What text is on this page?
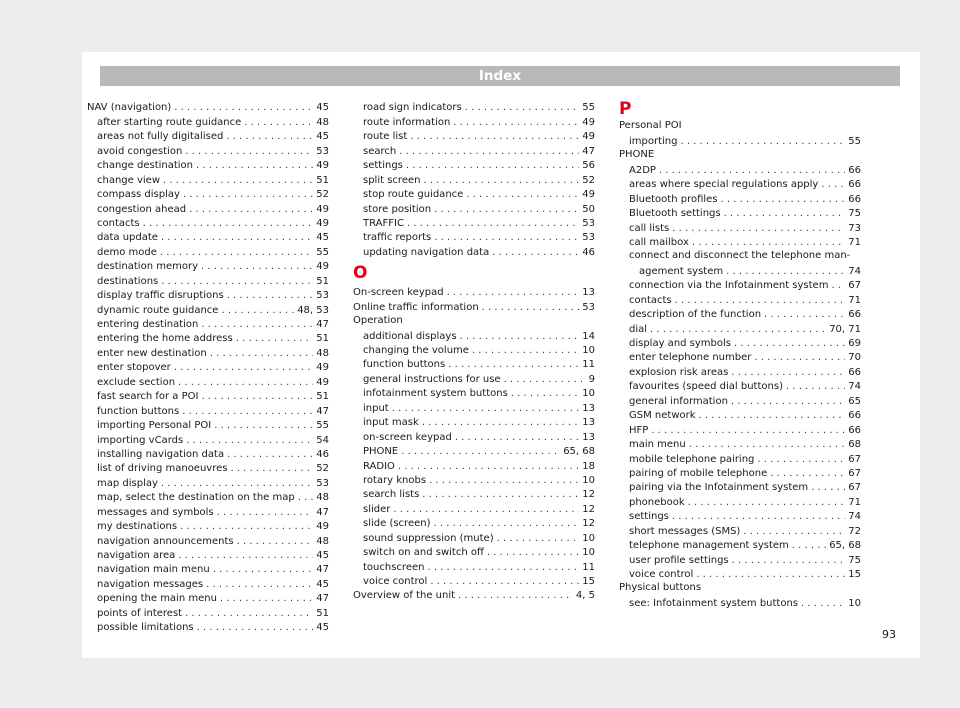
Index
NAV (navigation) . . .	45
after starting route guidance . . .	48
areas not fully digitalised . . .	45
avoid congestion . . .	53
change destination . . .	49
change view . . .	51
compass display . . .	52
congestion ahead . . .	49
contacts . . .	49
data update . . .	45
demo mode . . .	55
destination memory . . .	49
destinations . . .	51
display traffic disruptions . . .	53
dynamic route guidance . . .	48, 53
entering destination . . .	47
entering the home address . . .	51
enter new destination . . .	48
enter stopover . . .	49
exclude section . . .	49
fast search for a POI . . .	51
function buttons . . .	47
importing Personal POI . . .	55
importing vCards . . .	54
installing navigation data . . .	46
list of driving manoeuvres . . .	52
map display . . .	53
map, select the destination on the map . . . 48
messages and symbols . . .	47
my destinations . . .	49
navigation announcements . . .	48
navigation area . . .	45
navigation main menu . . .	47
navigation messages . . .	45
opening the main menu . . .	47
points of interest . . .	51
possible limitations . . .	45
road sign indicators . . .	55
route information . . .	49
route list . . .	49
search . . .	47
settings . . .	56
split screen . . .	52
stop route guidance . . .	49
store position . . .	50
TRAFFIC . . .	53
traffic reports . . .	53
updating navigation data . . .	46
O
On-screen keypad . . .	13
Online traffic information . . .	53
Operation
additional displays . . .	14
changing the volume . . .	10
function buttons . . .	11
general instructions for use . . .	9
infotainment system buttons . . .	10
input . . .	13
input mask . . .	13
on-screen keypad . . .	13
PHONE . . .	65, 68
RADIO . . .	18
rotary knobs . . .	10
search lists . . .	12
slider . . .	12
slide (screen) . . .	12
sound suppression (mute) . . .	10
switch on and switch off . . .	10
touchscreen . . .	11
voice control . . .	15
Overview of the unit . . .	4, 5
P
Personal POI
importing . . .	55
PHONE
A2DP . . .	66
areas where special regulations apply . . .	66
Bluetooth profiles . . .	66
Bluetooth settings . . .	75
call lists . . .	73
call mailbox . . .	71
connect and disconnect the telephone man-
agement system . . .	74
connection via the Infotainment system . . . 67
contacts . . .	71
description of the function . . .	66
dial . . .	70, 71
display and symbols . . .	69
enter telephone number . . .	70
explosion risk areas . . .	66
favourites (speed dial buttons) . . .	74
general information . . .	65
GSM network . . .	66
HFP . . .	66
main menu . . .	68
mobile telephone pairing . . .	67
pairing of mobile telephone . . .	67
pairing via the Infotainment system . . .	67
phonebook . . .	71
settings . . .	74
short messages (SMS) . . .	72
telephone management system . . .	65, 68
user profile settings . . .	75
voice control . . .	15
Physical buttons
see: Infotainment system buttons . . .	10
93
